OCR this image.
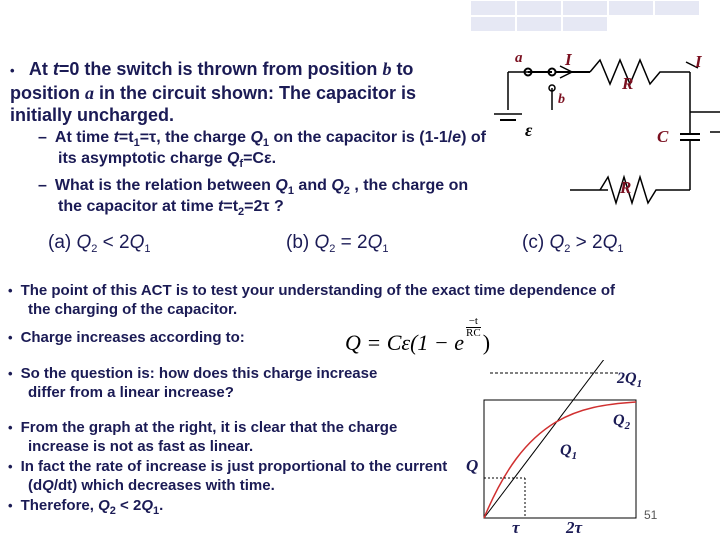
• At t=0 the switch is thrown from position b to position a in the circuit shown: The capacitor is initially uncharged.
– At time $t=t_1=\tau$, the charge $Q_1$ on the capacitor is (1-1/e) of its asymptotic charge $Q_f=C\varepsilon$.
– What is the relation between $Q_1$ and $Q_2$ , the charge on the capacitor at time $t=t_2=2\tau$ ?
(a) $Q_2 < 2Q_1$	(b) $Q_2 = 2Q_1$	(c) $Q_2 > 2Q_1$
• The point of this ACT is to test your understanding of the exact time dependence of the charging of the capacitor.
• Charge increases according to:
• So the question is: how does this charge increase differ from a linear increase?
• From the graph at the right, it is clear that the charge increase is not as fast as linear.
• In fact the rate of increase is just proportional to the current (dQ/dt) which decreases with time.
• Therefore, $Q_2 < 2Q_1$.
Q = Cε(1 − e
$\frac{-t}{RC}$
)
a
b
I	I
R
R
C
ε
Q
$2Q_1$
$Q_2$
$Q_1$
τ	2τ
51
